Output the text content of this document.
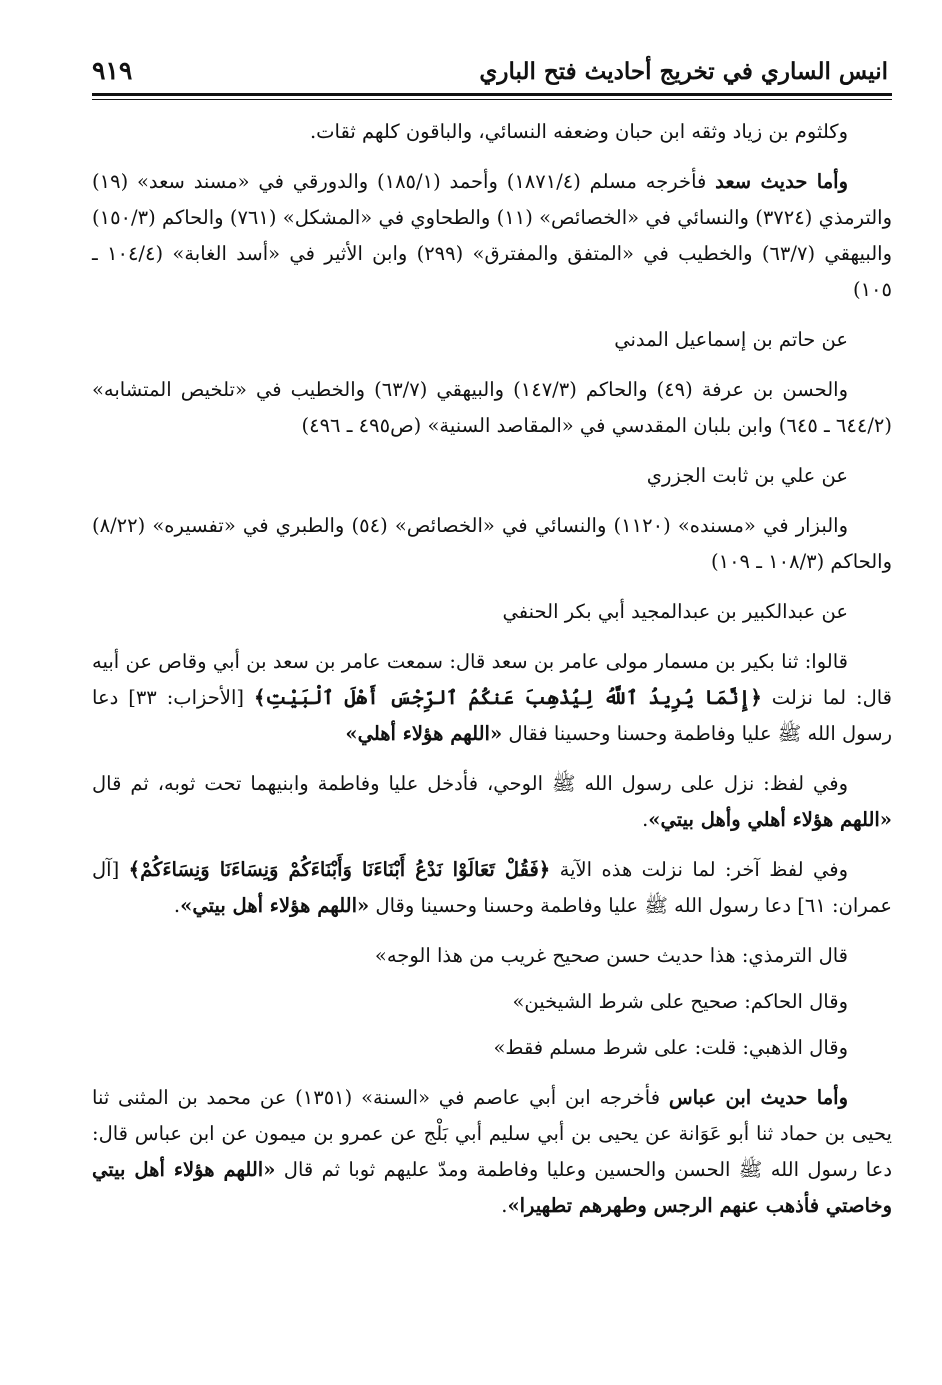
انيس الساري في تخريج أحاديث فتح الباري
٩١٩

وكلثوم بن زياد وثقه ابن حبان وضعفه النسائي، والباقون كلهم ثقات.

وأما حديث سعد فأخرجه مسلم (١٨٧١/٤) وأحمد (١٨٥/١) والدورقي في «مسند سعد» (١٩) والترمذي (٣٧٢٤) والنسائي في «الخصائص» (١١) والطحاوي في «المشكل» (٧٦١) والحاكم (١٥٠/٣) والبيهقي (٦٣/٧) والخطيب في «المتفق والمفترق» (٢٩٩) وابن الأثير في «أسد الغابة» (١٠٤/٤ ـ ١٠٥)

عن حاتم بن إسماعيل المدني

والحسن بن عرفة (٤٩) والحاكم (١٤٧/٣) والبيهقي (٦٣/٧) والخطيب في «تلخيص المتشابه» (٦٤٤/٢ ـ ٦٤٥) وابن بلبان المقدسي في «المقاصد السنية» (ص٤٩٥ ـ ٤٩٦)

عن علي بن ثابت الجزري

والبزار في «مسنده» (١١٢٠) والنسائي في «الخصائص» (٥٤) والطبري في «تفسيره» (٨/٢٢) والحاكم (١٠٨/٣ ـ ١٠٩)

عن عبدالكبير بن عبدالمجيد أبي بكر الحنفي

قالوا: ثنا بكير بن مسمار مولى عامر بن سعد قال: سمعت عامر بن سعد بن أبي وقاص عن أبيه قال: لما نزلت ﴿إِنَّمَا يُرِيدُ ٱللَّهُ لِيُذْهِبَ عَنكُمُ ٱلرِّجْسَ أَهْلَ ٱلْبَيْتِ﴾ [الأحزاب: ٣٣] دعا رسول الله ﷺ عليا وفاطمة وحسنا وحسينا فقال «اللهم هؤلاء أهلي»

وفي لفظ: نزل على رسول الله ﷺ الوحي، فأدخل عليا وفاطمة وابنيهما تحت ثوبه، ثم قال «اللهم هؤلاء أهلي وأهل بيتي».

وفي لفظ آخر: لما نزلت هذه الآية ﴿فَقُلْ تَعَالَوْا نَدْعُ أَبْنَاءَنَا وَأَبْنَاءَكُمْ وَنِسَاءَنَا وَنِسَاءَكُمْ﴾ [آل عمران: ٦١] دعا رسول الله ﷺ عليا وفاطمة وحسنا وحسينا وقال «اللهم هؤلاء أهل بيتي».

قال الترمذي: هذا حديث حسن صحيح غريب من هذا الوجه»

وقال الحاكم: صحيح على شرط الشيخين»

وقال الذهبي: قلت: على شرط مسلم فقط»

وأما حديث ابن عباس فأخرجه ابن أبي عاصم في «السنة» (١٣٥١) عن محمد بن المثنى ثنا يحيى بن حماد ثنا أبو عَوَانة عن يحيى بن أبي سليم أبي بَلْج عن عمرو بن ميمون عن ابن عباس قال: دعا رسول الله ﷺ الحسن والحسين وعليا وفاطمة ومدّ عليهم ثوبا ثم قال «اللهم هؤلاء أهل بيتي وخاصتي فأذهب عنهم الرجس وطهرهم تطهيرا».
